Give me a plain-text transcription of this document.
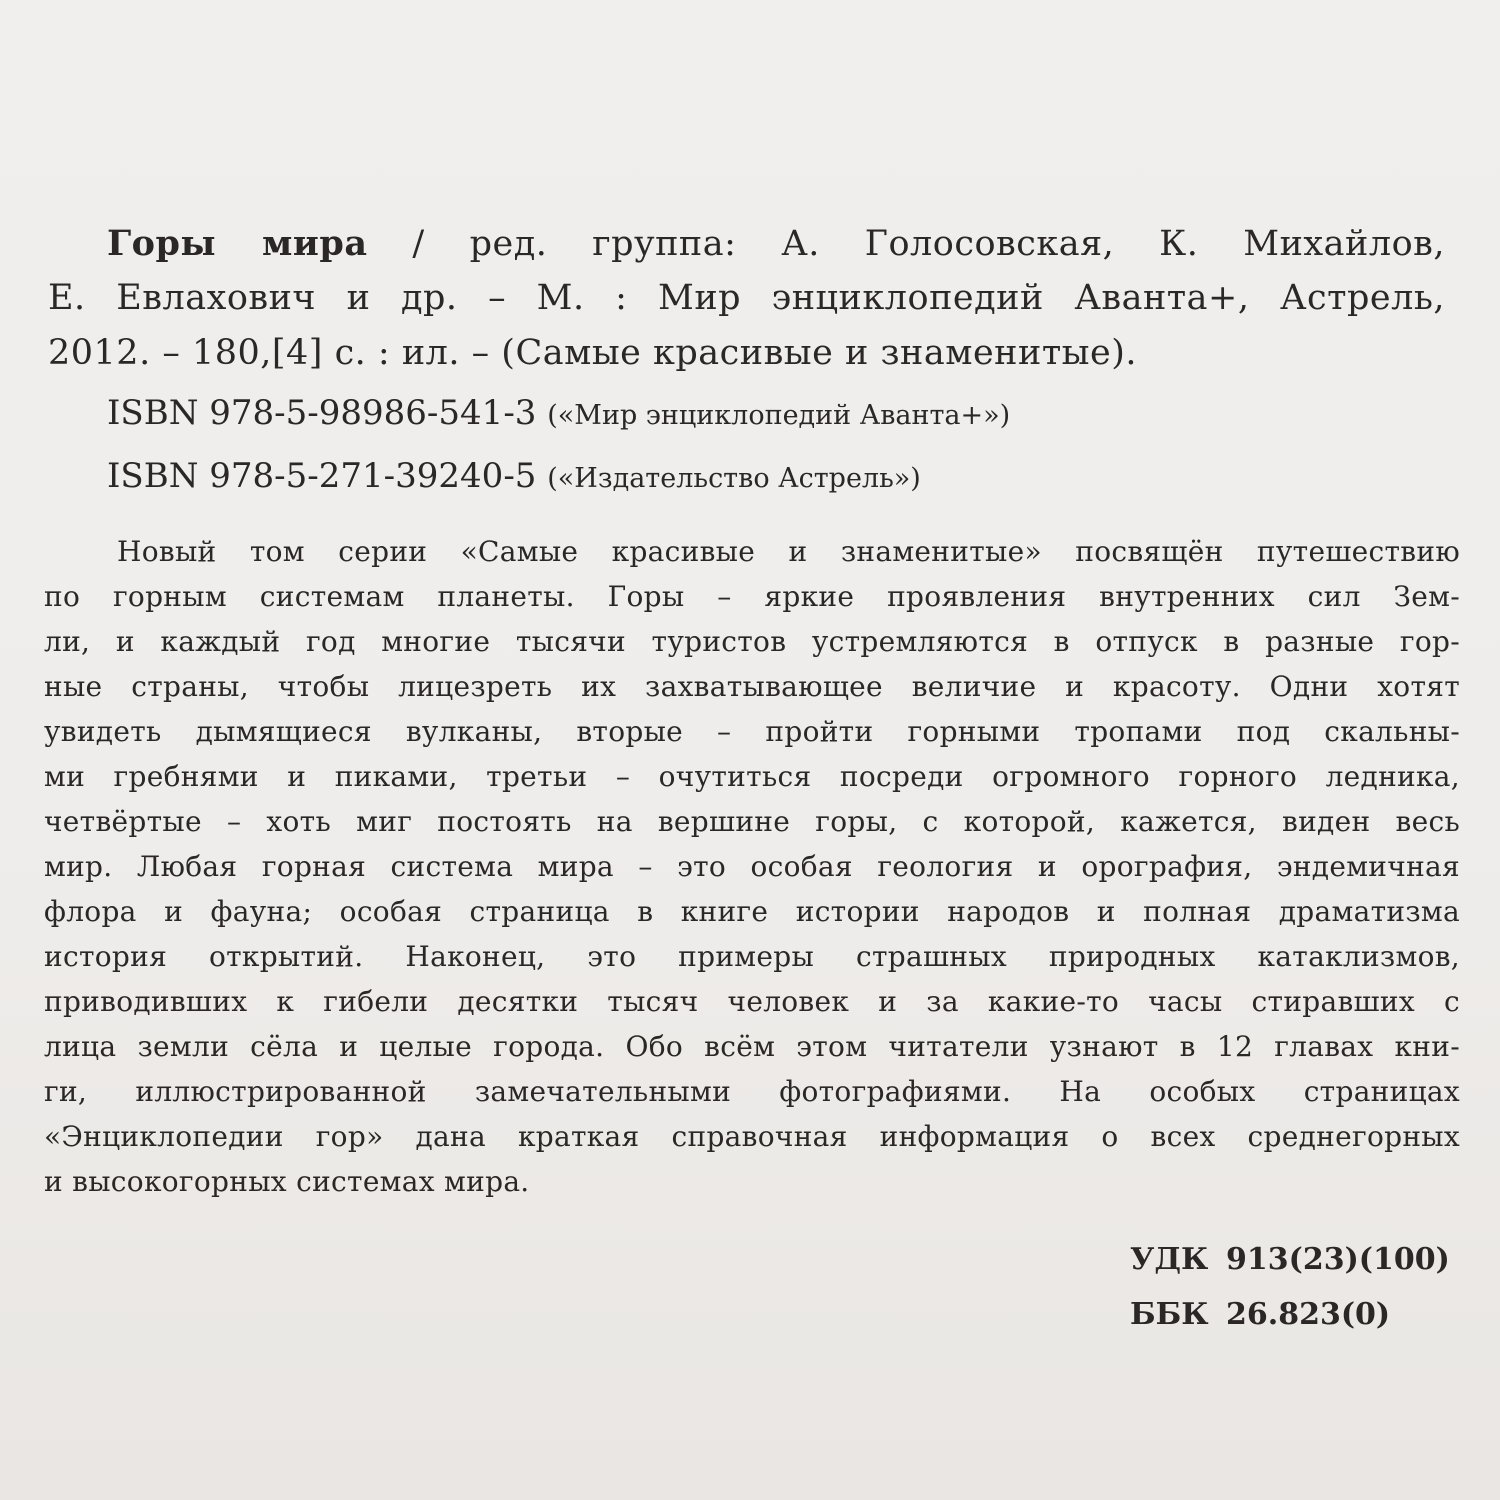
Горы мира / ред. группа: А. Голосовская, К. Михайлов,
Е. Евлахович и др. – М. : Мир энциклопедий Аванта+, Астрель,
2012. – 180,[4] с. : ил. – (Самые красивые и знаменитые).
ISBN 978-5-98986-541-3 («Мир энциклопедий Аванта+»)
ISBN 978-5-271-39240-5 («Издательство Астрель»)
Новый том серии «Самые красивые и знаменитые» посвящён путешествию
по горным системам планеты. Горы – яркие проявления внутренних сил Зем-
ли, и каждый год многие тысячи туристов устремляются в отпуск в разные гор-
ные страны, чтобы лицезреть их захватывающее величие и красоту. Одни хотят
увидеть дымящиеся вулканы, вторые – пройти горными тропами под скальны-
ми гребнями и пиками, третьи – очутиться посреди огромного горного ледника,
четвёртые – хоть миг постоять на вершине горы, с которой, кажется, виден весь
мир. Любая горная система мира – это особая геология и орография, эндемичная
флора и фауна; особая страница в книге истории народов и полная драматизма
история открытий. Наконец, это примеры страшных природных катаклизмов,
приводивших к гибели десятки тысяч человек и за какие-то часы стиравших с
лица земли сёла и целые города. Обо всём этом читатели узнают в 12 главах кни-
ги, иллюстрированной замечательными фотографиями. На особых страницах
«Энциклопедии гор» дана краткая справочная информация о всех среднегорных
и высокогорных системах мира.
УДК 913(23)(100)
ББК 26.823(0)
